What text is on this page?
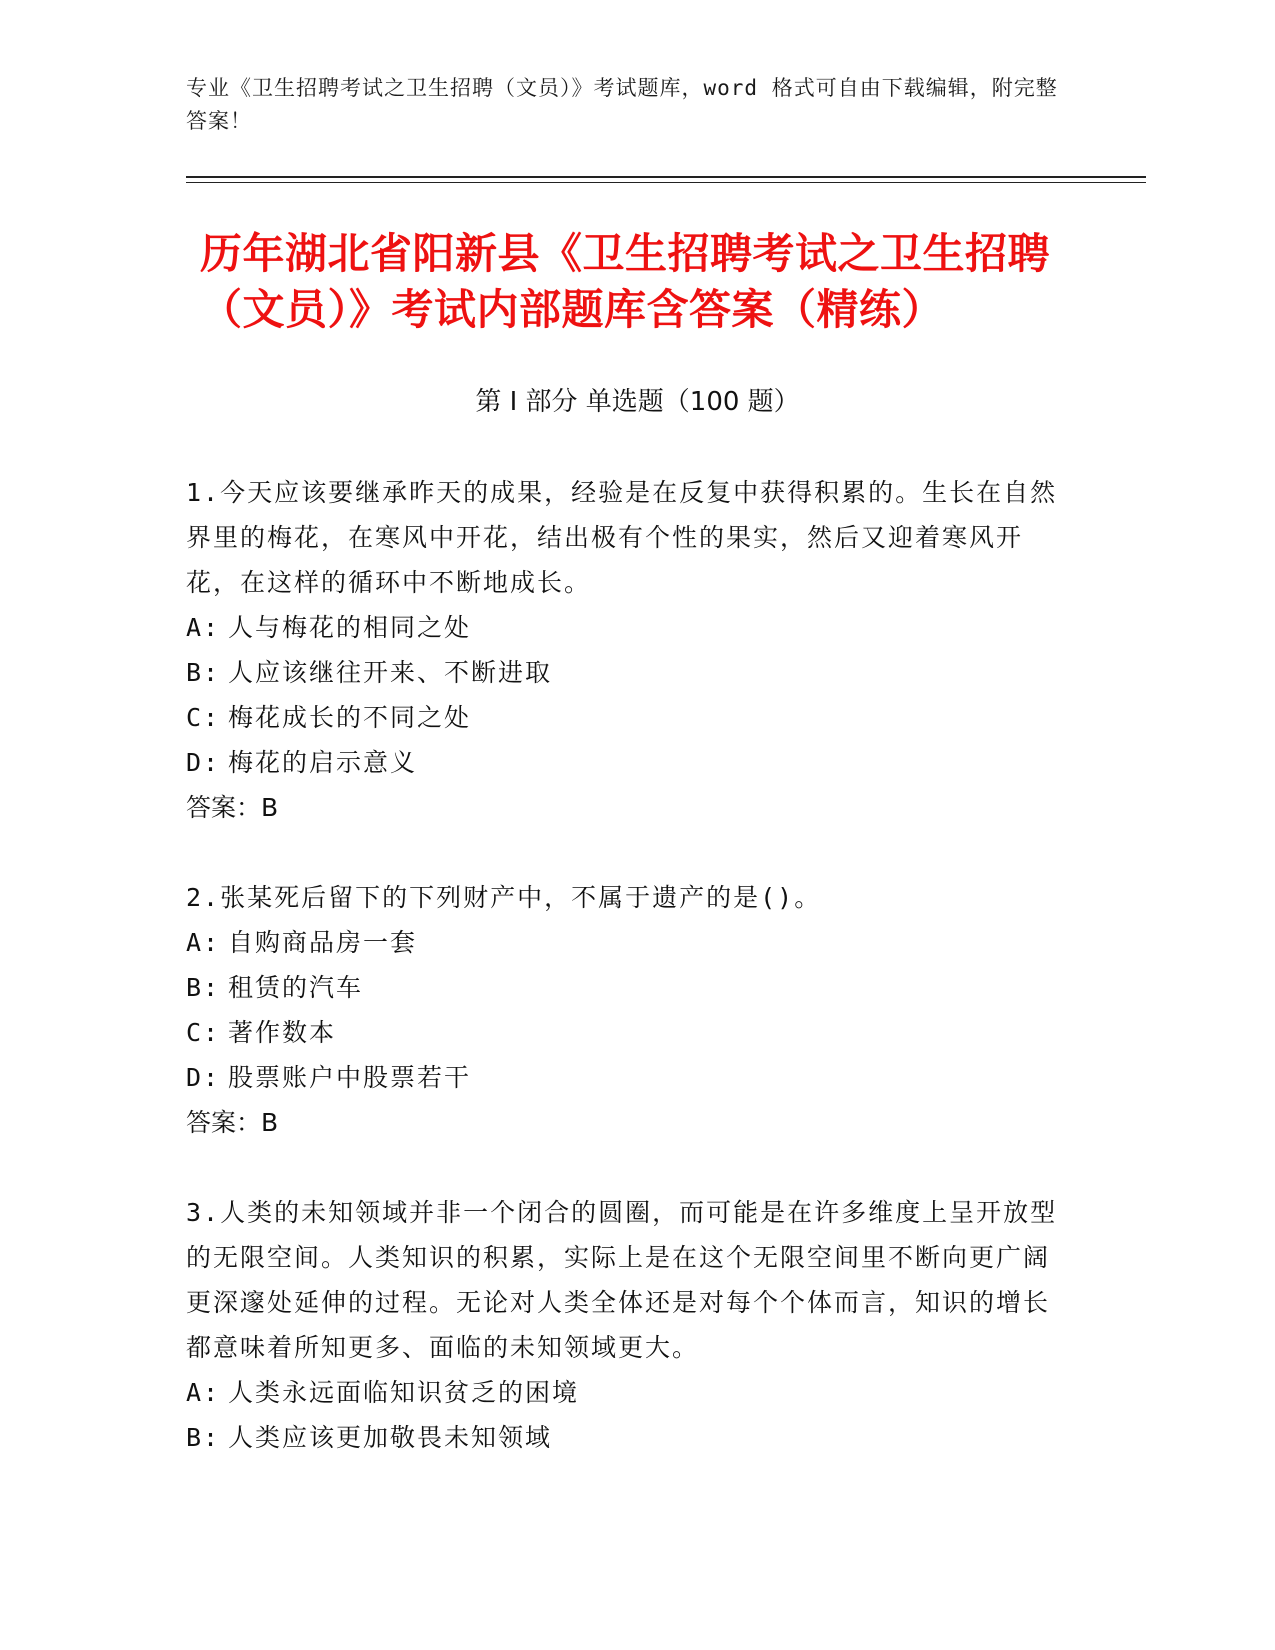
专业《卫生招聘考试之卫生招聘（文员）》考试题库，word 格式可自由下载编辑，附完整答案！
历年湖北省阳新县《卫生招聘考试之卫生招聘（文员）》考试内部题库含答案（精练）
第 I 部分 单选题（100 题）
1.今天应该要继承昨天的成果，经验是在反复中获得积累的。生长在自然界里的梅花，在寒风中开花，结出极有个性的果实，然后又迎着寒风开花，在这样的循环中不断地成长。
A: 人与梅花的相同之处
B: 人应该继往开来、不断进取
C: 梅花成长的不同之处
D: 梅花的启示意义
答案：B
2.张某死后留下的下列财产中，不属于遗产的是()。
A: 自购商品房一套
B: 租赁的汽车
C: 著作数本
D: 股票账户中股票若干
答案：B
3.人类的未知领域并非一个闭合的圆圈，而可能是在许多维度上呈开放型的无限空间。人类知识的积累，实际上是在这个无限空间里不断向更广阔更深邃处延伸的过程。无论对人类全体还是对每个个体而言，知识的增长都意味着所知更多、面临的未知领域更大。
A: 人类永远面临知识贫乏的困境
B: 人类应该更加敬畏未知领域
